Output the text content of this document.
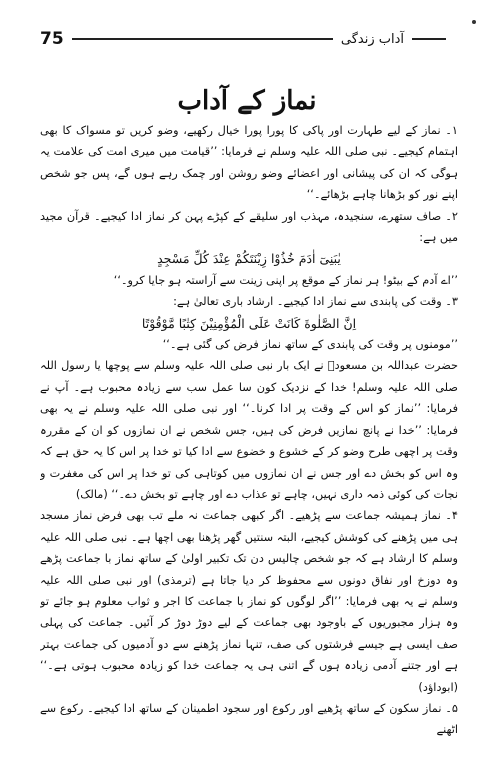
75	آداب زندگی
نماز کے آداب

۱۔ نماز کے لیے طہارت اور پاکی کا پورا پورا خیال رکھیے، وضو کریں تو مسواک کا بھی اہتمام کیجیے۔ نبی صلی اللہ علیہ وسلم نے فرمایا: ’’قیامت میں میری امت کی علامت یہ ہوگی کہ ان کی پیشانی اور اعضائے وضو روشن اور چمک رہے ہوں گے، پس جو شخص اپنے نور کو بڑھانا چاہے بڑھائے۔‘‘

۲۔ صاف ستھرے، سنجیدہ، مہذب اور سلیقے کے کپڑے پہن کر نماز ادا کیجیے۔ قرآن مجید میں ہے:

يٰبَنِىٓ اٰدَمَ خُذُوْا زِيْنَتَكُمْ عِنْدَ كُلِّ مَسْجِدٍ

’’اے آدم کے بیٹو! ہر نماز کے موقع پر اپنی زینت سے آراستہ ہو جایا کرو۔‘‘

۳۔ وقت کی پابندی سے نماز ادا کیجیے۔ ارشاد باری تعالیٰ ہے:

اِنَّ الصَّلٰوةَ كَانَتْ عَلَى الْمُؤْمِنِيْنَ كِتٰبًا مَّوْقُوْتًا

’’مومنوں پر وقت کی پابندی کے ساتھ نماز فرض کی گئی ہے۔‘‘

حضرت عبداللہ بن مسعودؓ نے ایک بار نبی صلی اللہ علیہ وسلم سے پوچھا یا رسول اللہ صلی اللہ علیہ وسلم! خدا کے نزدیک کون سا عمل سب سے زیادہ محبوب ہے۔ آپ نے فرمایا: ’’نماز کو اس کے وقت پر ادا کرنا۔‘‘ اور نبی صلی اللہ علیہ وسلم نے یہ بھی فرمایا: ’’خدا نے پانچ نمازیں فرض کی ہیں، جس شخص نے ان نمازوں کو ان کے مقررہ وقت پر اچھی طرح وضو کر کے خشوع و خضوع سے ادا کیا تو خدا پر اس کا یہ حق ہے کہ وہ اس کو بخش دے اور جس نے ان نمازوں میں کوتاہی کی تو خدا پر اس کی مغفرت و نجات کی کوئی ذمہ داری نہیں، چاہے تو عذاب دے اور چاہے تو بخش دے۔‘‘ (مالک)

۴۔ نماز ہمیشہ جماعت سے پڑھیے۔ اگر کبھی جماعت نہ ملے تب بھی فرض نماز مسجد ہی میں پڑھنے کی کوشش کیجیے، البتہ سنتیں گھر پڑھنا بھی اچھا ہے۔ نبی صلی اللہ علیہ وسلم کا ارشاد ہے کہ جو شخص چالیس دن تک تکبیر اولیٰ کے ساتھ نماز با جماعت پڑھے وہ دوزخ اور نفاق دونوں سے محفوظ کر دیا جاتا ہے (ترمذی) اور نبی صلی اللہ علیہ وسلم نے یہ بھی فرمایا: ’’اگر لوگوں کو نماز با جماعت کا اجر و ثواب معلوم ہو جائے تو وہ ہزار مجبوریوں کے باوجود بھی جماعت کے لیے دوڑ دوڑ کر آئیں۔ جماعت کی پہلی صف ایسی ہے جیسے فرشتوں کی صف، تنہا نماز پڑھنے سے دو آدمیوں کی جماعت بہتر ہے اور جتنے آدمی زیادہ ہوں گے اتنی ہی یہ جماعت خدا کو زیادہ محبوب ہوتی ہے۔‘‘ (ابوداؤد)

۵۔ نماز سکون کے ساتھ پڑھیے اور رکوع اور سجود اطمینان کے ساتھ ادا کیجیے۔ رکوع سے اٹھنے
